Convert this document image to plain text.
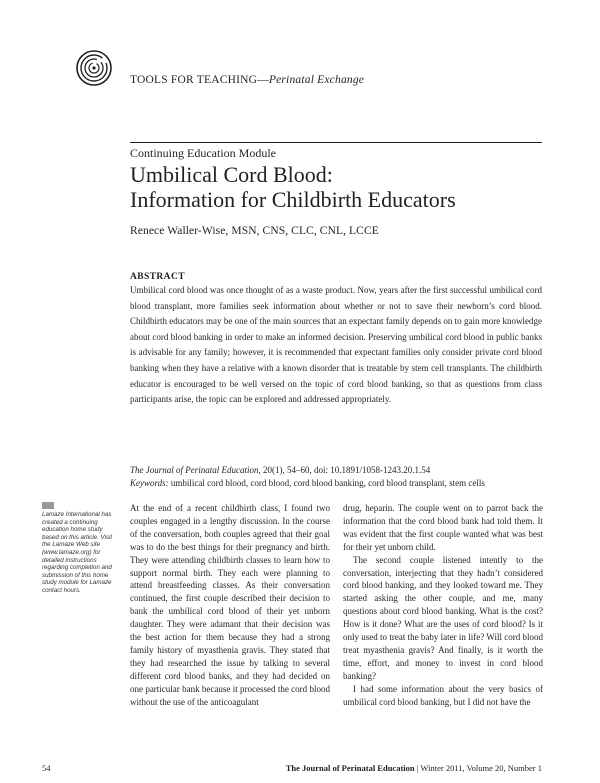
TOOLS FOR TEACHING—Perinatal Exchange
Continuing Education Module
Umbilical Cord Blood:
Information for Childbirth Educators
Renece Waller-Wise, MSN, CNS, CLC, CNL, LCCE
ABSTRACT
Umbilical cord blood was once thought of as a waste product. Now, years after the first successful umbilical cord blood transplant, more families seek information about whether or not to save their newborn’s cord blood. Childbirth educators may be one of the main sources that an expectant family depends on to gain more knowledge about cord blood banking in order to make an informed decision. Preserving umbilical cord blood in public banks is advisable for any family; however, it is recommended that expectant families only consider private cord blood banking when they have a relative with a known disorder that is treatable by stem cell transplants. The childbirth educator is encouraged to be well versed on the topic of cord blood banking, so that as questions from class participants arise, the topic can be explored and addressed appropriately.
The Journal of Perinatal Education, 20(1), 54–60, doi: 10.1891/1058-1243.20.1.54
Keywords: umbilical cord blood, cord blood, cord blood banking, cord blood transplant, stem cells
Lamaze International has created a continuing education home study based on this article. Visit the Lamaze Web site (www.lamaze.org) for detailed instructions regarding completion and submission of this home study module for Lamaze contact hours.

At the end of a recent childbirth class, I found two couples engaged in a lengthy discussion. In the course of the conversation, both couples agreed that their goal was to do the best things for their pregnancy and birth. They were attending childbirth classes to learn how to support normal birth. They each were planning to attend breastfeeding classes. As their conversation continued, the first couple described their decision to bank the umbilical cord blood of their yet unborn daughter. They were adamant that their decision was the best action for them because they had a strong family history of myasthenia gravis. They stated that they had researched the issue by talking to several different cord blood banks, and they had decided on one particular bank because it processed the cord blood without the use of the anticoagulant

drug, heparin. The couple went on to parrot back the information that the cord blood bank had told them. It was evident that the first couple wanted what was best for their yet unborn child.

The second couple listened intently to the conversation, interjecting that they hadn’t considered cord blood banking, and they looked toward me. They started asking the other couple, and me, many questions about cord blood banking. What is the cost? How is it done? What are the uses of cord blood? Is it only used to treat the baby later in life? Will cord blood treat myasthenia gravis? And finally, is it worth the time, effort, and money to invest in cord blood banking?

I had some information about the very basics of umbilical cord blood banking, but I did not have the

54	The Journal of Perinatal Education | Winter 2011, Volume 20, Number 1
